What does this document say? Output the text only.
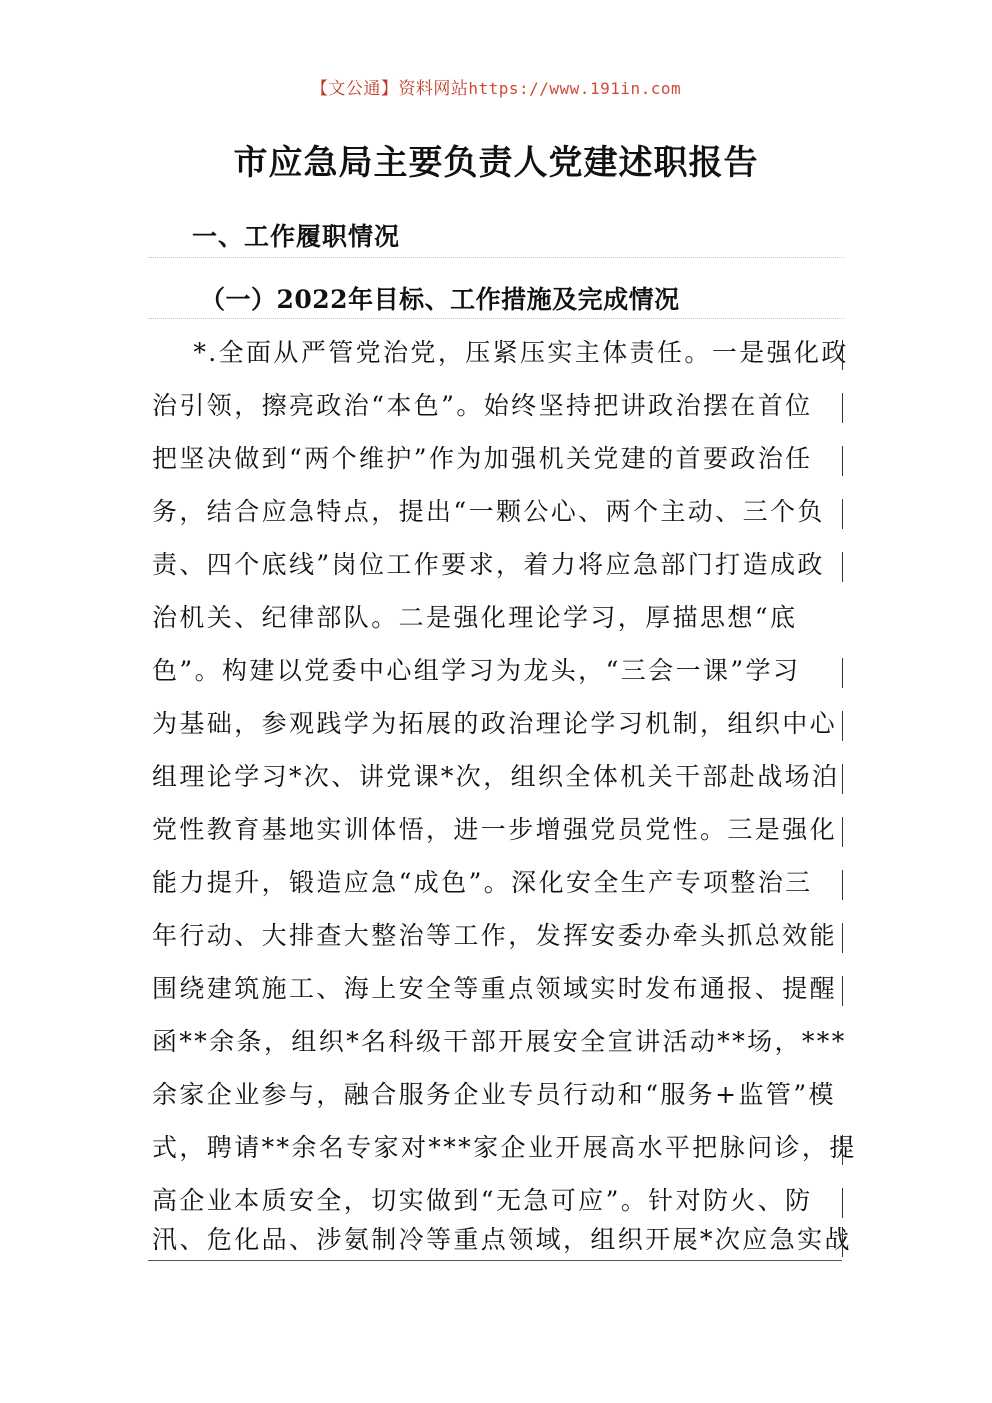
【文公通】资料网站https://www.191in.com
市应急局主要负责人党建述职报告
一、工作履职情况
（一）2022年目标、工作措施及完成情况
*.全面从严管党治党，压紧压实主体责任。一是强化政
治引领，擦亮政治“本色”。始终坚持把讲政治摆在首位
把坚决做到“两个维护”作为加强机关党建的首要政治任
务，结合应急特点，提出“一颗公心、两个主动、三个负
责、四个底线”岗位工作要求，着力将应急部门打造成政
治机关、纪律部队。二是强化理论学习，厚描思想“底
色”。构建以党委中心组学习为龙头，“三会一课”学习
为基础，参观践学为拓展的政治理论学习机制，组织中心
组理论学习*次、讲党课*次，组织全体机关干部赴战场泊
党性教育基地实训体悟，进一步增强党员党性。三是强化
能力提升，锻造应急“成色”。深化安全生产专项整治三
年行动、大排查大整治等工作，发挥安委办牵头抓总效能
围绕建筑施工、海上安全等重点领域实时发布通报、提醒
函**余条，组织*名科级干部开展安全宣讲活动**场，***
余家企业参与，融合服务企业专员行动和“服务+监管”模
式，聘请**余名专家对***家企业开展高水平把脉问诊，提
高企业本质安全，切实做到“无急可应”。针对防火、防
汛、危化品、涉氨制冷等重点领域，组织开展*次应急实战
